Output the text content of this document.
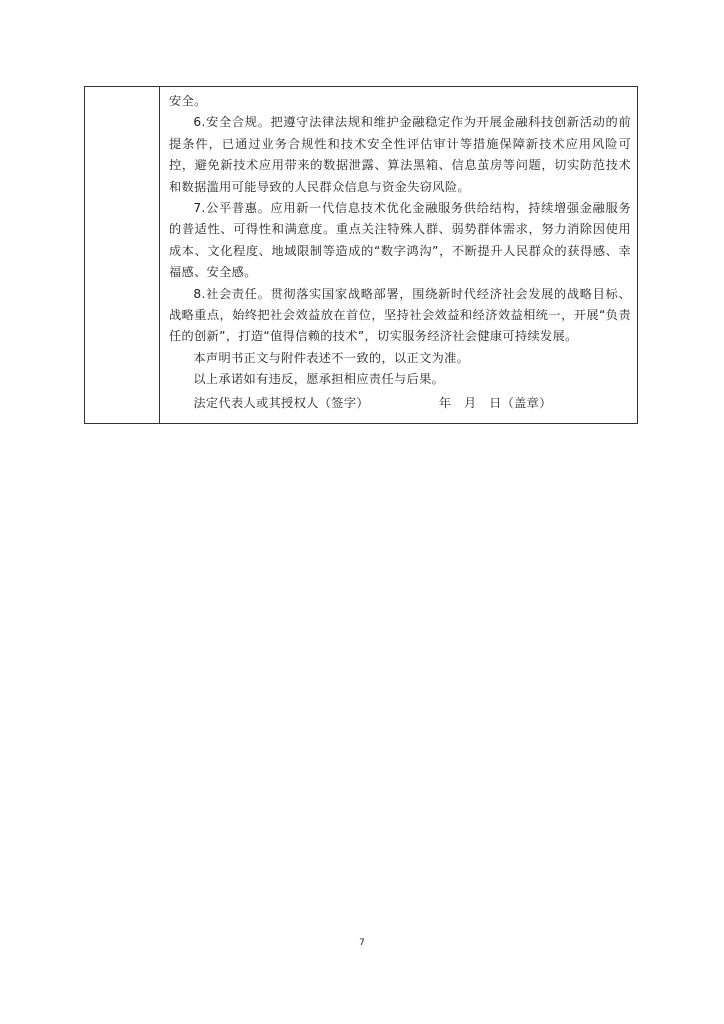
安全。

6.安全合规。把遵守法律法规和维护金融稳定作为开展金融科技创新活动的前提条件，已通过业务合规性和技术安全性评估审计等措施保障新技术应用风险可控，避免新技术应用带来的数据泄露、算法黑箱、信息茧房等问题，切实防范技术和数据滥用可能导致的人民群众信息与资金失窃风险。

7.公平普惠。应用新一代信息技术优化金融服务供给结构，持续增强金融服务的普适性、可得性和满意度。重点关注特殊人群、弱势群体需求，努力消除因使用成本、文化程度、地域限制等造成的“数字鸿沟”，不断提升人民群众的获得感、幸福感、安全感。

8.社会责任。贯彻落实国家战略部署，围绕新时代经济社会发展的战略目标、战略重点，始终把社会效益放在首位，坚持社会效益和经济效益相统一，开展“负责任的创新”，打造“值得信赖的技术”，切实服务经济社会健康可持续发展。

本声明书正文与附件表述不一致的，以正文为准。

以上承诺如有违反，愿承担相应责任与后果。

法定代表人或其授权人（签字）	年　月　日（盖章）

7
